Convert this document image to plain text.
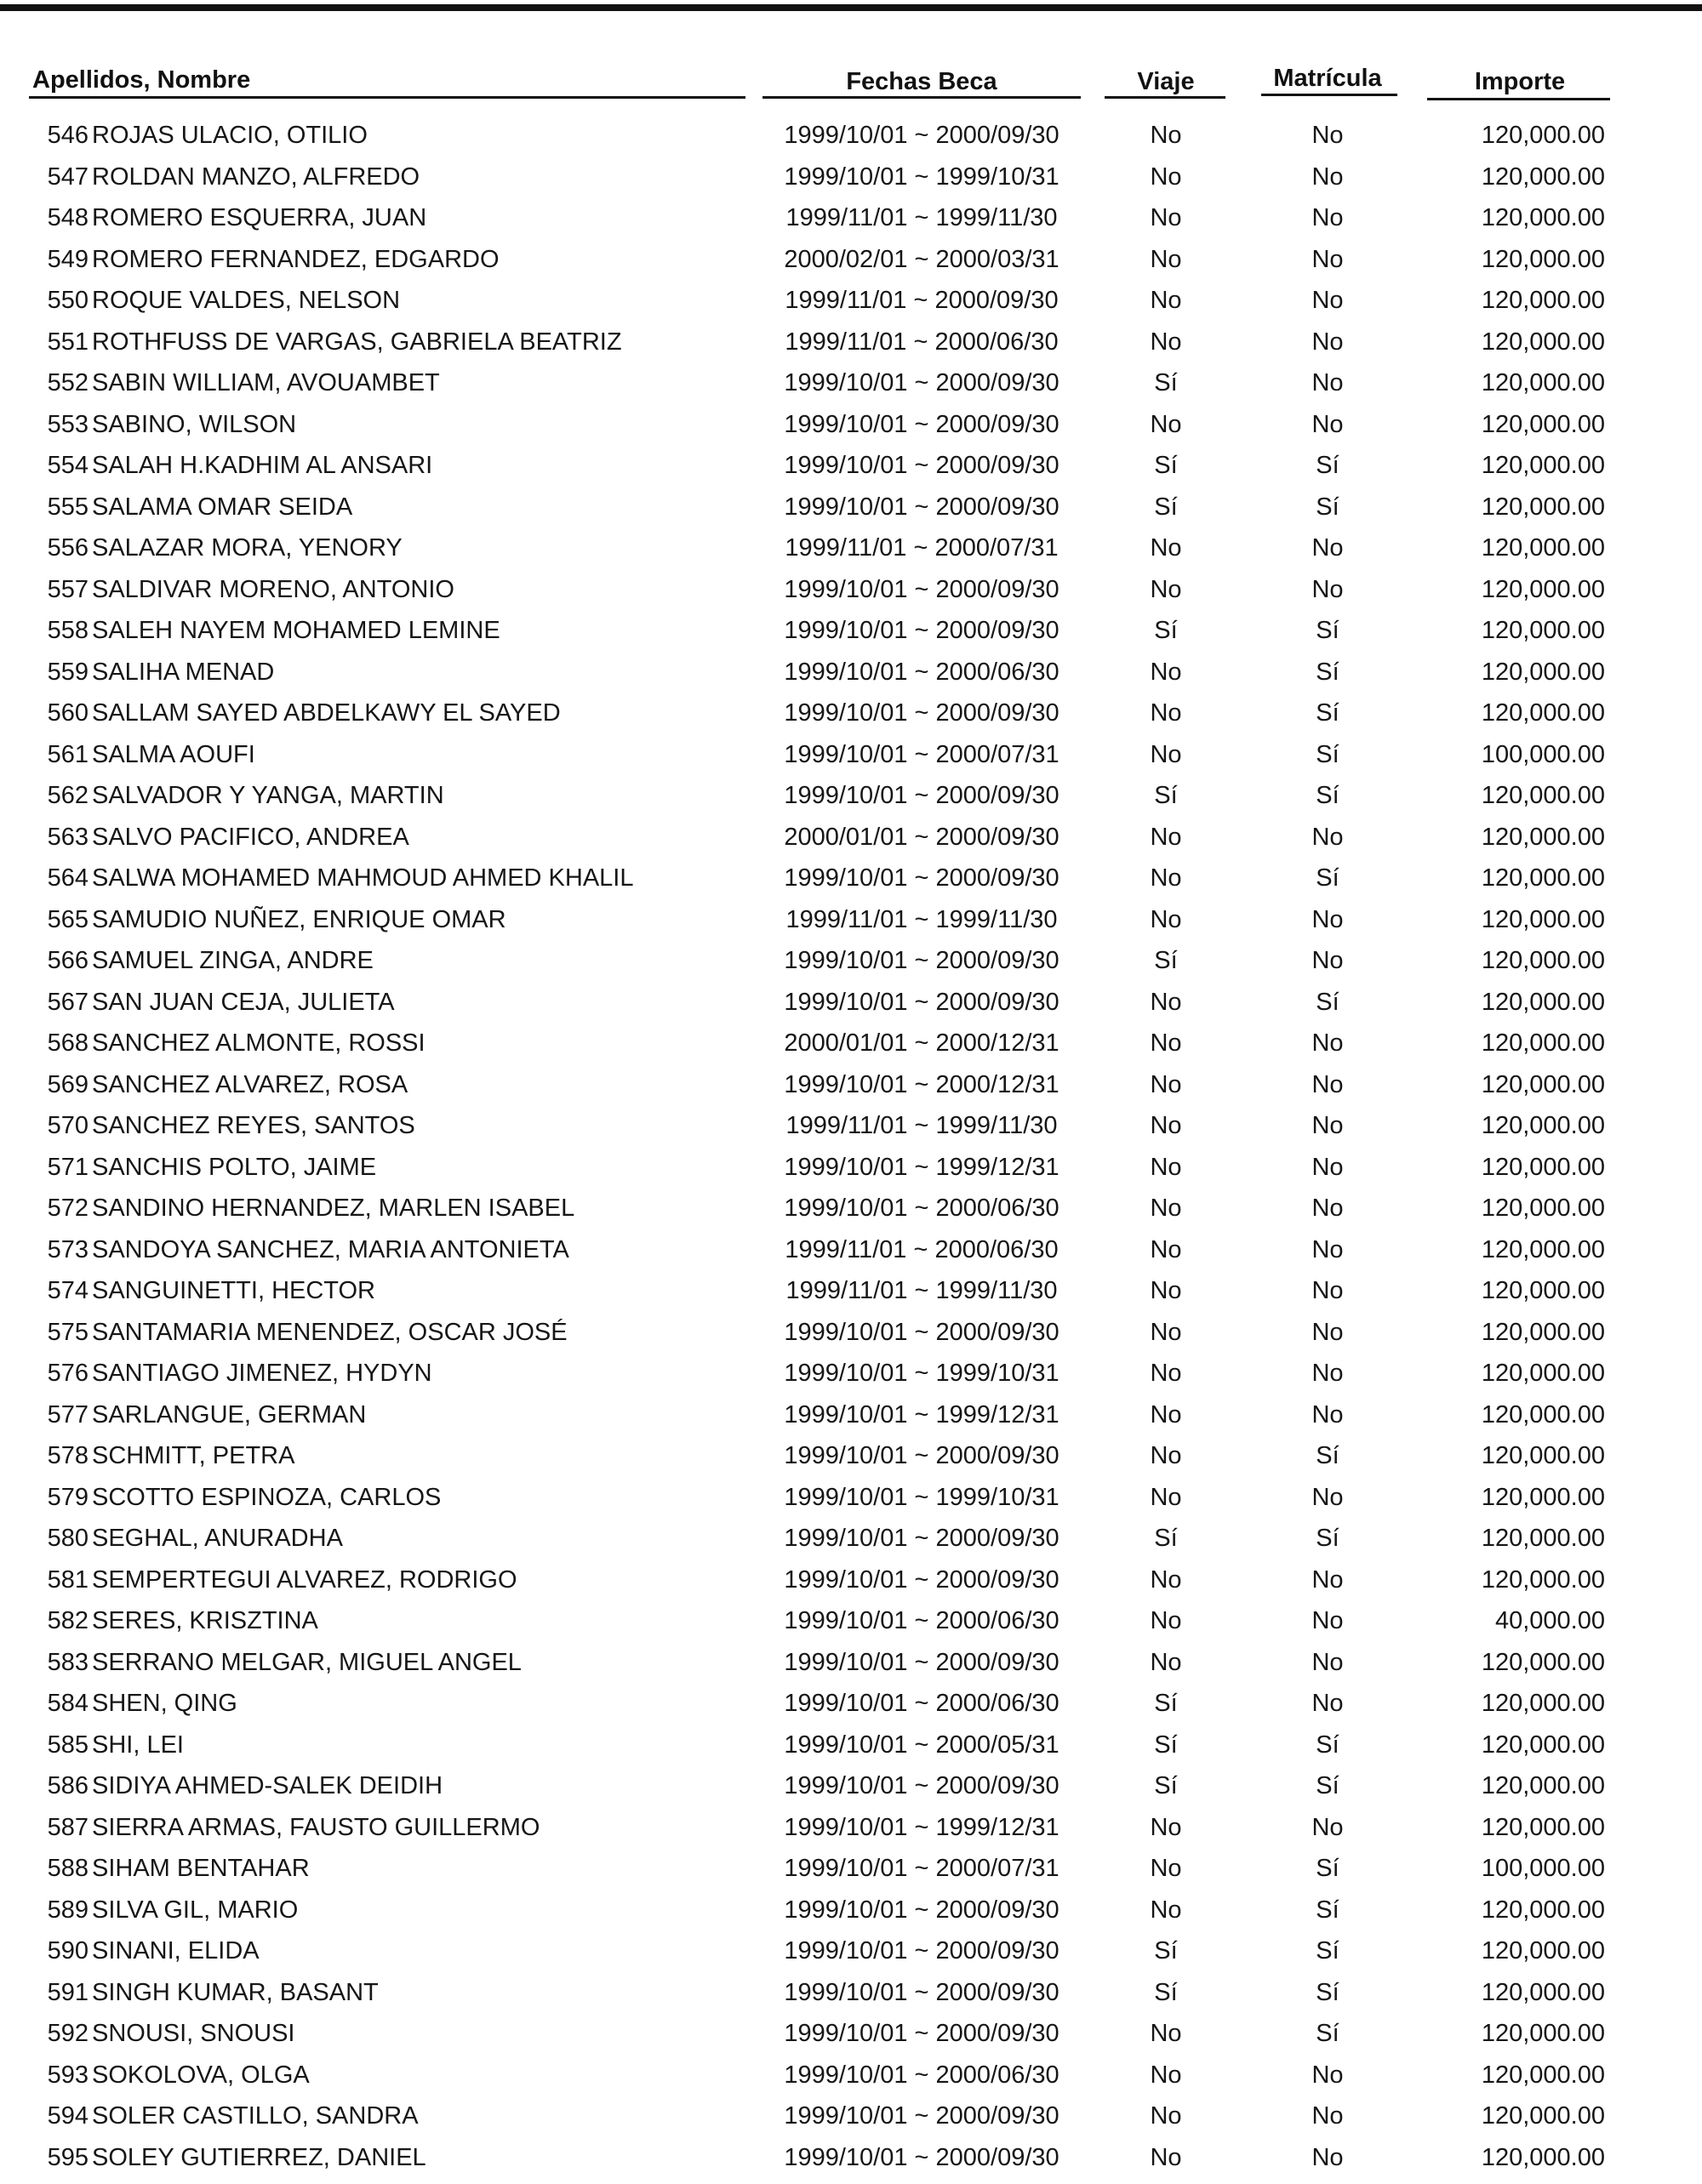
Apellidos, Nombre	Fechas Beca	Viaje	Matrícula	Importe
546 ROJAS ULACIO, OTILIO	1999/10/01 ~ 2000/09/30	No	No	120,000.00
547 ROLDAN MANZO, ALFREDO	1999/10/01 ~ 1999/10/31	No	No	120,000.00
548 ROMERO ESQUERRA, JUAN	1999/11/01 ~ 1999/11/30	No	No	120,000.00
549 ROMERO FERNANDEZ, EDGARDO	2000/02/01 ~ 2000/03/31	No	No	120,000.00
550 ROQUE VALDES, NELSON	1999/11/01 ~ 2000/09/30	No	No	120,000.00
551 ROTHFUSS DE VARGAS, GABRIELA BEATRIZ	1999/11/01 ~ 2000/06/30	No	No	120,000.00
552 SABIN WILLIAM, AVOUAMBET	1999/10/01 ~ 2000/09/30	Sí	No	120,000.00
553 SABINO, WILSON	1999/10/01 ~ 2000/09/30	No	No	120,000.00
554 SALAH H.KADHIM AL ANSARI	1999/10/01 ~ 2000/09/30	Sí	Sí	120,000.00
555 SALAMA OMAR SEIDA	1999/10/01 ~ 2000/09/30	Sí	Sí	120,000.00
556 SALAZAR MORA, YENORY	1999/11/01 ~ 2000/07/31	No	No	120,000.00
557 SALDIVAR MORENO, ANTONIO	1999/10/01 ~ 2000/09/30	No	No	120,000.00
558 SALEH NAYEM MOHAMED LEMINE	1999/10/01 ~ 2000/09/30	Sí	Sí	120,000.00
559 SALIHA MENAD	1999/10/01 ~ 2000/06/30	No	Sí	120,000.00
560 SALLAM SAYED ABDELKAWY EL SAYED	1999/10/01 ~ 2000/09/30	No	Sí	120,000.00
561 SALMA AOUFI	1999/10/01 ~ 2000/07/31	No	Sí	100,000.00
562 SALVADOR Y YANGA, MARTIN	1999/10/01 ~ 2000/09/30	Sí	Sí	120,000.00
563 SALVO PACIFICO, ANDREA	2000/01/01 ~ 2000/09/30	No	No	120,000.00
564 SALWA MOHAMED MAHMOUD AHMED KHALIL	1999/10/01 ~ 2000/09/30	No	Sí	120,000.00
565 SAMUDIO NUÑEZ, ENRIQUE OMAR	1999/11/01 ~ 1999/11/30	No	No	120,000.00
566 SAMUEL ZINGA, ANDRE	1999/10/01 ~ 2000/09/30	Sí	No	120,000.00
567 SAN JUAN CEJA, JULIETA	1999/10/01 ~ 2000/09/30	No	Sí	120,000.00
568 SANCHEZ ALMONTE, ROSSI	2000/01/01 ~ 2000/12/31	No	No	120,000.00
569 SANCHEZ ALVAREZ, ROSA	1999/10/01 ~ 2000/12/31	No	No	120,000.00
570 SANCHEZ REYES, SANTOS	1999/11/01 ~ 1999/11/30	No	No	120,000.00
571 SANCHIS POLTO, JAIME	1999/10/01 ~ 1999/12/31	No	No	120,000.00
572 SANDINO HERNANDEZ, MARLEN ISABEL	1999/10/01 ~ 2000/06/30	No	No	120,000.00
573 SANDOYA SANCHEZ, MARIA ANTONIETA	1999/11/01 ~ 2000/06/30	No	No	120,000.00
574 SANGUINETTI, HECTOR	1999/11/01 ~ 1999/11/30	No	No	120,000.00
575 SANTAMARIA MENENDEZ, OSCAR JOSÉ	1999/10/01 ~ 2000/09/30	No	No	120,000.00
576 SANTIAGO JIMENEZ, HYDYN	1999/10/01 ~ 1999/10/31	No	No	120,000.00
577 SARLANGUE, GERMAN	1999/10/01 ~ 1999/12/31	No	No	120,000.00
578 SCHMITT, PETRA	1999/10/01 ~ 2000/09/30	No	Sí	120,000.00
579 SCOTTO ESPINOZA, CARLOS	1999/10/01 ~ 1999/10/31	No	No	120,000.00
580 SEGHAL, ANURADHA	1999/10/01 ~ 2000/09/30	Sí	Sí	120,000.00
581 SEMPERTEGUI ALVAREZ, RODRIGO	1999/10/01 ~ 2000/09/30	No	No	120,000.00
582 SERES, KRISZTINA	1999/10/01 ~ 2000/06/30	No	No	40,000.00
583 SERRANO MELGAR, MIGUEL ANGEL	1999/10/01 ~ 2000/09/30	No	No	120,000.00
584 SHEN, QING	1999/10/01 ~ 2000/06/30	Sí	No	120,000.00
585 SHI, LEI	1999/10/01 ~ 2000/05/31	Sí	Sí	120,000.00
586 SIDIYA AHMED-SALEK DEIDIH	1999/10/01 ~ 2000/09/30	Sí	Sí	120,000.00
587 SIERRA ARMAS, FAUSTO GUILLERMO	1999/10/01 ~ 1999/12/31	No	No	120,000.00
588 SIHAM BENTAHAR	1999/10/01 ~ 2000/07/31	No	Sí	100,000.00
589 SILVA GIL, MARIO	1999/10/01 ~ 2000/09/30	No	Sí	120,000.00
590 SINANI, ELIDA	1999/10/01 ~ 2000/09/30	Sí	Sí	120,000.00
591 SINGH KUMAR, BASANT	1999/10/01 ~ 2000/09/30	Sí	Sí	120,000.00
592 SNOUSI, SNOUSI	1999/10/01 ~ 2000/09/30	No	Sí	120,000.00
593 SOKOLOVA, OLGA	1999/10/01 ~ 2000/06/30	No	No	120,000.00
594 SOLER CASTILLO, SANDRA	1999/10/01 ~ 2000/09/30	No	No	120,000.00
595 SOLEY GUTIERREZ, DANIEL	1999/10/01 ~ 2000/09/30	No	No	120,000.00
